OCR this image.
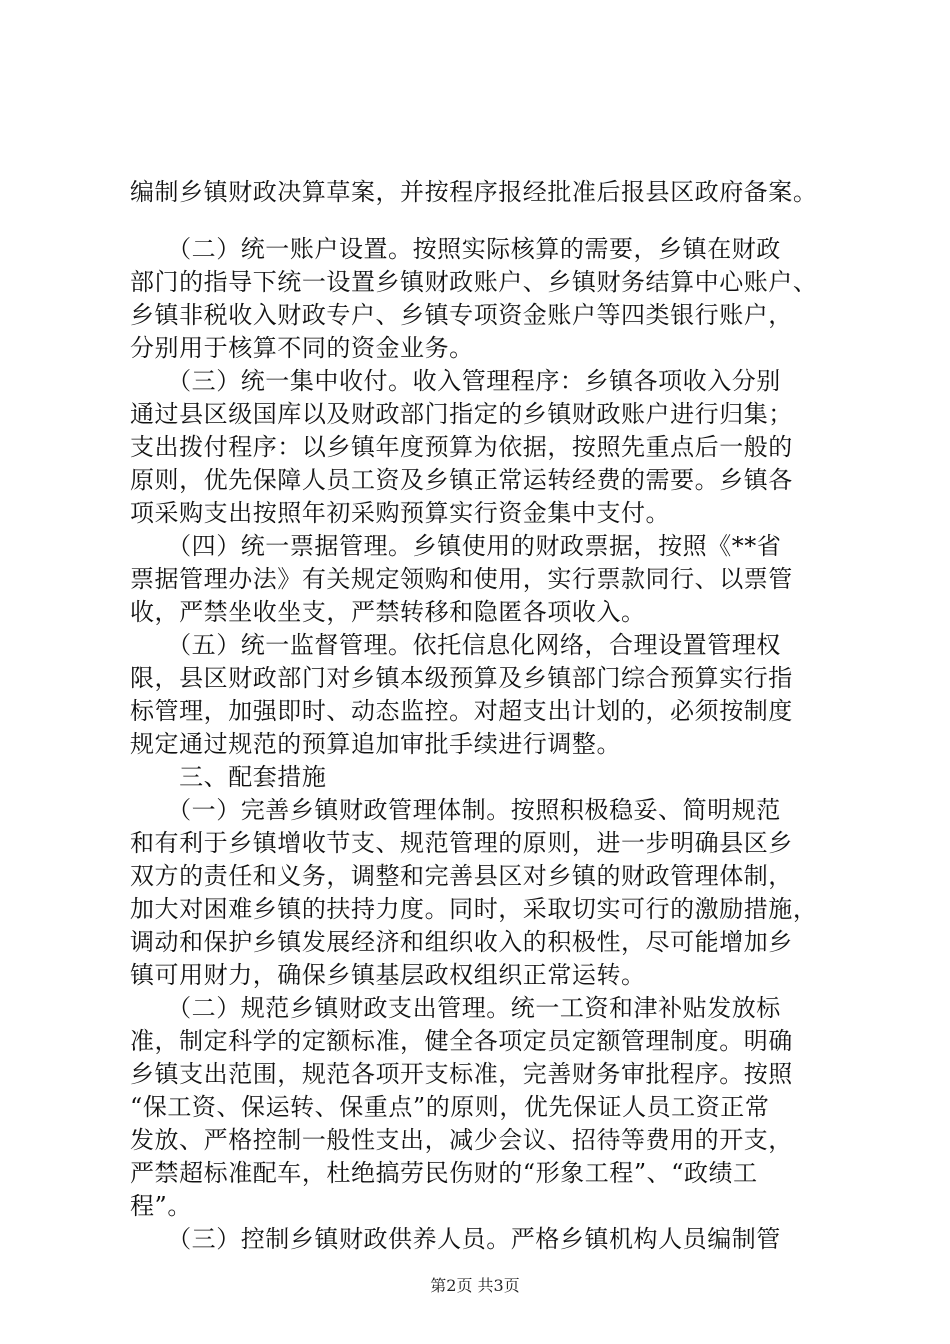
编制乡镇财政决算草案，并按程序报经批准后报县区政府备案。
　　（二）统一账户设置。按照实际核算的需要，乡镇在财政
部门的指导下统一设置乡镇财政账户、乡镇财务结算中心账户、
乡镇非税收入财政专户、乡镇专项资金账户等四类银行账户，
分别用于核算不同的资金业务。
　　（三）统一集中收付。收入管理程序：乡镇各项收入分别
通过县区级国库以及财政部门指定的乡镇财政账户进行归集；
支出拨付程序：以乡镇年度预算为依据，按照先重点后一般的
原则，优先保障人员工资及乡镇正常运转经费的需要。乡镇各
项采购支出按照年初采购预算实行资金集中支付。
　　（四）统一票据管理。乡镇使用的财政票据，按照《**省
票据管理办法》有关规定领购和使用，实行票款同行、以票管
收，严禁坐收坐支，严禁转移和隐匿各项收入。
　　（五）统一监督管理。依托信息化网络，合理设置管理权
限，县区财政部门对乡镇本级预算及乡镇部门综合预算实行指
标管理，加强即时、动态监控。对超支出计划的，必须按制度
规定通过规范的预算追加审批手续进行调整。
　　三、配套措施
　　（一）完善乡镇财政管理体制。按照积极稳妥、简明规范
和有利于乡镇增收节支、规范管理的原则，进一步明确县区乡
双方的责任和义务，调整和完善县区对乡镇的财政管理体制，
加大对困难乡镇的扶持力度。同时，采取切实可行的激励措施，
调动和保护乡镇发展经济和组织收入的积极性，尽可能增加乡
镇可用财力，确保乡镇基层政权组织正常运转。
　　（二）规范乡镇财政支出管理。统一工资和津补贴发放标
准，制定科学的定额标准，健全各项定员定额管理制度。明确
乡镇支出范围，规范各项开支标准，完善财务审批程序。按照
“保工资、保运转、保重点”的原则，优先保证人员工资正常
发放、严格控制一般性支出，减少会议、招待等费用的开支，
严禁超标准配车，杜绝搞劳民伤财的“形象工程”、“政绩工
程”。
　　（三）控制乡镇财政供养人员。严格乡镇机构人员编制管
第2页 共3页
